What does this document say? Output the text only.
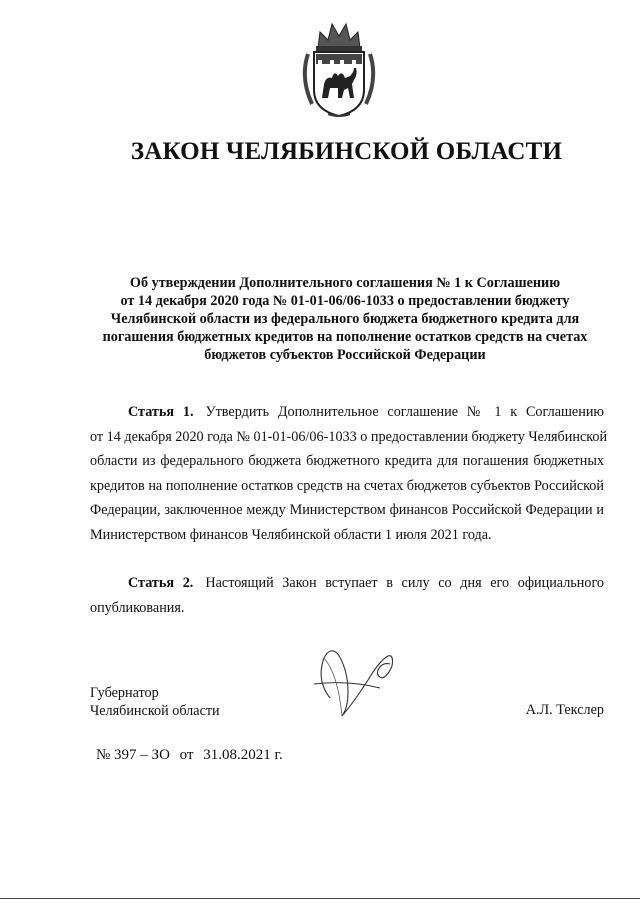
ЗАКОН ЧЕЛЯБИНСКОЙ ОБЛАСТИ
Об утверждении Дополнительного соглашения № 1 к Соглашению
от 14 декабря 2020 года № 01-01-06/06-1033 о предоставлении бюджету
Челябинской области из федерального бюджета бюджетного кредита для
погашения бюджетных кредитов на пополнение остатков средств на счетах
бюджетов субъектов Российской Федерации
Статья 1. Утвердить Дополнительное соглашение № 1 к Соглашению
от 14 декабря 2020 года № 01-01-06/06-1033 о предоставлении бюджету Челябинской
области из федерального бюджета бюджетного кредита для погашения бюджетных
кредитов на пополнение остатков средств на счетах бюджетов субъектов Российской
Федерации, заключенное между Министерством финансов Российской Федерации и
Министерством финансов Челябинской области 1 июля 2021 года.
Статья 2. Настоящий Закон вступает в силу со дня его официального
опубликования.
Губернатор
Челябинской области	А.Л. Текслер
№ 397 – ЗО от 31.08.2021 г.
